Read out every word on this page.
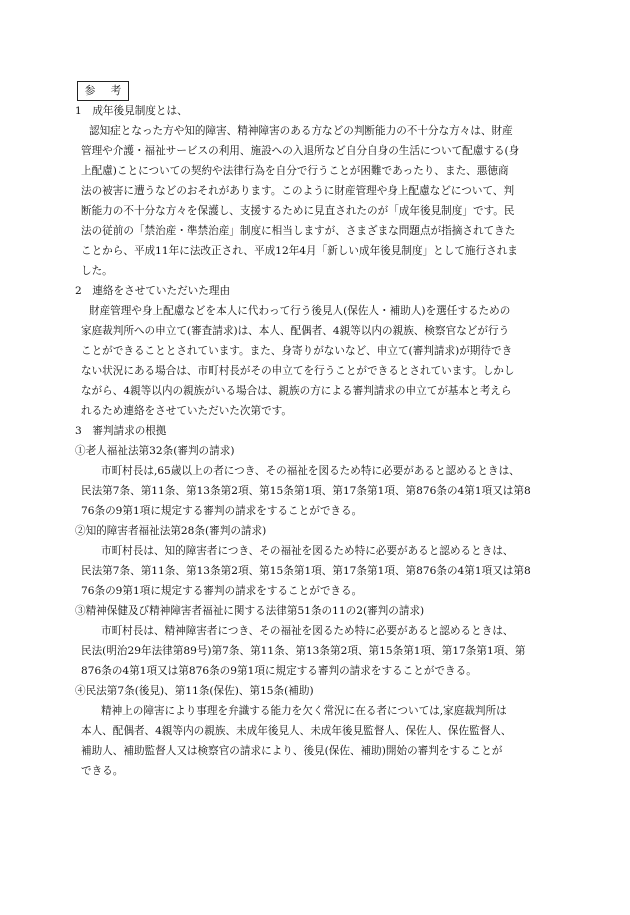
参 考
1　成年後見制度とは、
認知症となった方や知的障害、精神障害のある方などの判断能力の不十分な方々は、財産
管理や介護・福祉サービスの利用、施設への入退所など自分自身の生活について配慮する(身
上配慮)ことについての契約や法律行為を自分で行うことが困難であったり、また、悪徳商
法の被害に遭うなどのおそれがあります。このように財産管理や身上配慮などについて、判
断能力の不十分な方々を保護し、支援するために見直されたのが「成年後見制度」です。民
法の従前の「禁治産・準禁治産」制度に相当しますが、さまざまな問題点が指摘されてきた
ことから、平成11年に法改正され、平成12年4月「新しい成年後見制度」として施行されま
した。
2　連絡をさせていただいた理由
財産管理や身上配慮などを本人に代わって行う後見人(保佐人・補助人)を選任するための
家庭裁判所への申立て(審査請求)は、本人、配偶者、4親等以内の親族、検察官などが行う
ことができることとされています。また、身寄りがないなど、申立て(審判請求)が期待でき
ない状況にある場合は、市町村長がその申立てを行うことができるとされています。しかし
ながら、4親等以内の親族がいる場合は、親族の方による審判請求の申立てが基本と考えら
れるため連絡をさせていただいた次第です。
3　審判請求の根拠
①老人福祉法第32条(審判の請求)
市町村長は,65歳以上の者につき、その福祉を図るため特に必要があると認めるときは、
民法第7条、第11条、第13条第2項、第15条第1項、第17条第1項、第876条の4第1項又は第8
76条の9第1項に規定する審判の請求をすることができる。
②知的障害者福祉法第28条(審判の請求)
市町村長は、知的障害者につき、その福祉を図るため特に必要があると認めるときは、
民法第7条、第11条、第13条第2項、第15条第1項、第17条第1項、第876条の4第1項又は第8
76条の9第1項に規定する審判の請求をすることができる。
③精神保健及び精神障害者福祉に関する法律第51条の11の2(審判の請求)
市町村長は、精神障害者につき、その福祉を図るため特に必要があると認めるときは、
民法(明治29年法律第89号)第7条、第11条、第13条第2項、第15条第1項、第17条第1項、第
876条の4第1項又は第876条の9第1項に規定する審判の請求をすることができる。
④民法第7条(後見)、第11条(保佐)、第15条(補助)
精神上の障害により事理を弁識する能力を欠く常況に在る者については,家庭裁判所は
本人、配偶者、4親等内の親族、未成年後見人、未成年後見監督人、保佐人、保佐監督人、
補助人、補助監督人又は検察官の請求により、後見(保佐、補助)開始の審判をすることが
できる。
